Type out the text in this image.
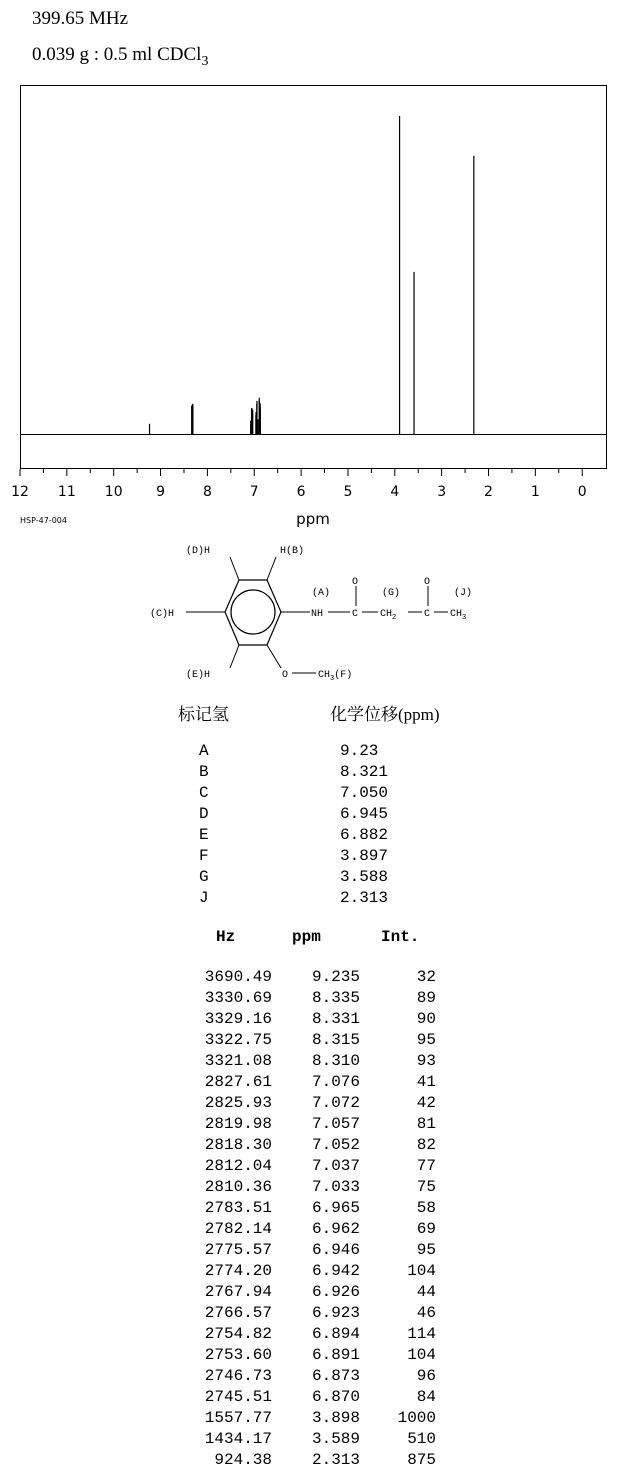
399.65 MHz
0.039 g : 0.5 ml CDCl$_3$
12 11 10 9	8	7	6	5	4	3	2	1	0
ppm
HSP-47-004
(D)H	H(B)
(C)H
(E)H
(A)	(G)	(J)
O	O
NH	C $CH_2$	C $CH_3$
O	$CH_3(F)$
标记氢	化学位移(ppm)
A	9.23
B	8.321
C	7.050
D	6.945
E	6.882
F	3.897
G	3.588
J	2.313
Hz	ppm	Int.
3690.49	9.235	32
3330.69	8.335	89
3329.16	8.331	90
3322.75	8.315	95
3321.08	8.310	93
2827.61	7.076	41
2825.93	7.072	42
2819.98	7.057	81
2818.30	7.052	82
2812.04	7.037	77
2810.36	7.033	75
2783.51	6.965	58
2782.14	6.962	69
2775.57	6.946	95
2774.20	6.942	104
2767.94	6.926	44
2766.57	6.923	46
2754.82	6.894	114
2753.60	6.891	104
2746.73	6.873	96
2745.51	6.870	84
1557.77	3.898	1000
1434.17	3.589	510
924.38	2.313	875
